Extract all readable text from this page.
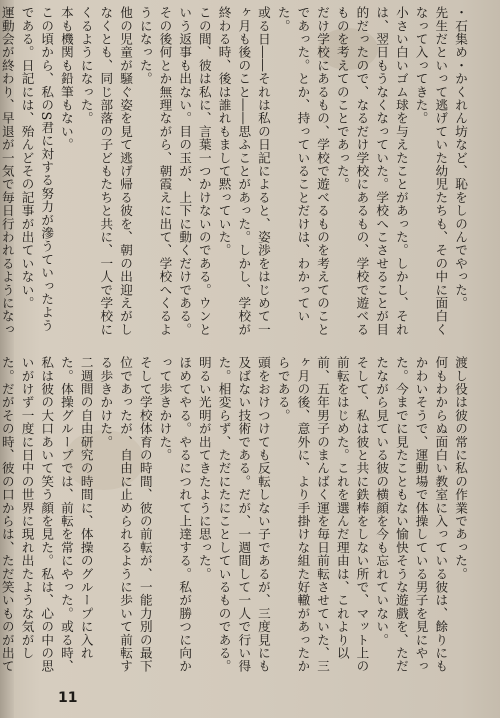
・石集め・かくれん坊など、恥をしのんでやった。
先生だといって逃げていた幼児たちも、その中に面白くなって入ってきた。
小さい白いゴム球を与えたことがあった。しかし、それは、翌日もうなくなっていた。学校へこさせることが目的だったので、なるだけ学校にあるもの、学校で遊べるものを考えてのことであった。
だけ学校にあるもの、学校で遊べるものを考えてのことであった。とか、持っていることだけは、わかっていた。
或る日――それは私の日記によると、姿渉をはじめて一ヶ月も後のこと――思ふことがあった。しかし、学校が終わる時、後は誰れもまして黙っていた。
この間、彼は私に、言葉一つかけないのである。ウンという返事も出ない。目の玉が、上下に動くだけである。
その後何とか無理ながら、朝霞えに出て、学校へくるようになった。
他の児童が騒ぐ姿を見て逃げ帰る彼を、朝の出迎えがしなくとも、同じ部落の子どもたちと共に、一人で学校にくるようになった。
本も機関も鉛筆もない。
この頃から、私のS君に対する努力が滲うていったようである。日記には、殆んどその記事が出ていない。
運動会が終わり、早退が一気で毎日行われるようになっ
渡し役は彼の常に私の作業であった。
何もわからぬ面白い教室に入っている彼は、餘りにもかわいそうで、運動場で体操している男子を見にやった。今までに見たこともない愉快そうな遊戲を、ただたながら見ている彼の横顔を今も忘れていない。
そして、私は彼と共に鉄棒をしない所で、マット上の前転をはじめた。これを選んだ理由は、これより以前、五年男子のまんばく運を毎日前転させていた、三ヶ月の後、意外に、より手掛けな組た好轍があったからである。
頭をおけつけても反転しない子であるが、三度見にも及ばない技術である。だが、一週間して一人で行い得た。相変らず、ただにたにことしているものである。明るい光明が出てきたように思った。
ほめてやる。やるにつれて上達する。私が勝つに向かって歩きかけた。
そして学校体育の時間、彼の前転が、一能力別の最下位であったが、自由に止められるように歩いて前転する歩きかけた。
二週間の自由研究の時間に、体操のグループに入れた。体操グループでは、前転を常にやった。或る時、私は彼の大口あいて笑う顔を見た。私は、心の中の思いがけず一度に日中の世界に現れ出たような気がした。だがその時、彼の口からは、ただ笑いものが出て
11
